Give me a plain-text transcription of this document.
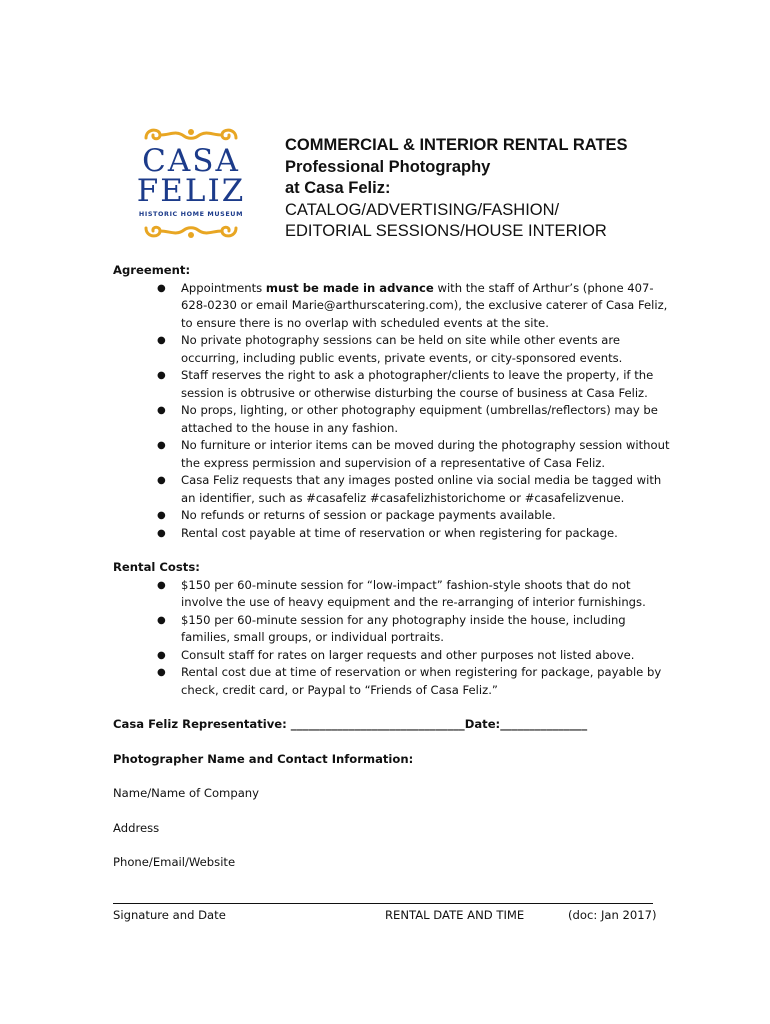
CASA
FELIZ
HISTORIC HOME MUSEUM
COMMERCIAL & INTERIOR RENTAL RATES
Professional Photography
at Casa Feliz:
CATALOG/ADVERTISING/FASHION/
EDITORIAL SESSIONS/HOUSE INTERIOR

Agreement:

● Appointments must be made in advance with the staff of Arthur’s (phone 407-628-0230 or email Marie@arthurscatering.com), the exclusive caterer of Casa Feliz, to ensure there is no overlap with scheduled events at the site.
● No private photography sessions can be held on site while other events are occurring, including public events, private events, or city-sponsored events.
● Staff reserves the right to ask a photographer/clients to leave the property, if the session is obtrusive or otherwise disturbing the course of business at Casa Feliz.
● No props, lighting, or other photography equipment (umbrellas/reflectors) may be attached to the house in any fashion.
● No furniture or interior items can be moved during the photography session without the express permission and supervision of a representative of Casa Feliz.
● Casa Feliz requests that any images posted online via social media be tagged with an identifier, such as #casafeliz #casafelizhistorichome or #casafelizvenue.
● No refunds or returns of session or package payments available.
● Rental cost payable at time of reservation or when registering for package.

Rental Costs:

● $150 per 60-minute session for “low-impact” fashion-style shoots that do not involve the use of heavy equipment and the re-arranging of interior furnishings.
● $150 per 60-minute session for any photography inside the house, including families, small groups, or individual portraits.
● Consult staff for rates on larger requests and other purposes not listed above.
● Rental cost due at time of reservation or when registering for package, payable by check, credit card, or Paypal to “Friends of Casa Feliz.”
Casa Feliz Representative: ______________________________Date:_______________
Photographer Name and Contact Information:
Name/Name of Company
Address
Phone/Email/Website
Signature and Date	RENTAL DATE AND TIME	(doc: Jan 2017)
